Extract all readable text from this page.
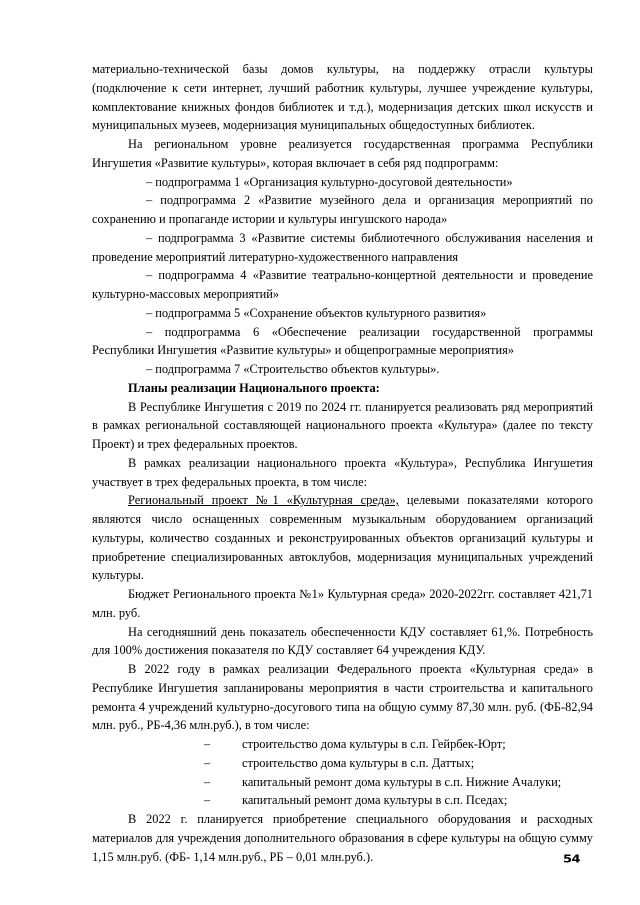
материально-технической базы домов культуры, на поддержку отрасли культуры (подключение к сети интернет, лучший работник культуры, лучшее учреждение культуры, комплектование книжных фондов библиотек и т.д.), модернизация детских школ искусств и муниципальных музеев, модернизация муниципальных общедоступных библиотек.

На региональном уровне реализуется государственная программа Республики Ингушетия «Развитие культуры», которая включает в себя ряд подпрограмм:

– подпрограмма 1 «Организация культурно-досуговой деятельности»

– подпрограмма 2 «Развитие музейного дела и организация мероприятий по сохранению и пропаганде истории и культуры ингушского народа»

– подпрограмма 3 «Развитие системы библиотечного обслуживания населения и проведение мероприятий литературно-художественного направления

– подпрограмма 4 «Развитие театрально-концертной деятельности и проведение культурно-массовых мероприятий»

– подпрограмма 5 «Сохранение объектов культурного развития»

– подпрограмма 6 «Обеспечение реализации государственной программы Республики Ингушетия «Развитие культуры» и общепрограмные мероприятия»

– подпрограмма 7 «Строительство объектов культуры».

Планы реализации Национального проекта:

В Республике Ингушетия с 2019 по 2024 гг. планируется реализовать ряд мероприятий в рамках региональной составляющей национального проекта «Культура» (далее по тексту Проект) и трех федеральных проектов.

В рамках реализации национального проекта «Культура», Республика Ингушетия участвует в трех федеральных проекта, в том числе:

Региональный проект №1 «Культурная среда», целевыми показателями которого являются число оснащенных современным музыкальным оборудованием организаций культуры, количество созданных и реконструированных объектов организаций культуры и приобретение специализированных автоклубов, модернизация муниципальных учреждений культуры.

Бюджет Регионального проекта №1» Культурная среда» 2020-2022гг. составляет 421,71 млн. руб.

На сегодняшний день показатель обеспеченности КДУ составляет 61,%. Потребность для 100% достижения показателя по КДУ составляет 64 учреждения КДУ.

В 2022 году в рамках реализации Федерального проекта «Культурная среда» в Республике Ингушетия запланированы мероприятия в части строительства и капитального ремонта 4 учреждений культурно-досугового типа на общую сумму 87,30 млн. руб. (ФБ-82,94 млн. руб., РБ-4,36 млн.руб.), в том числе:

–	строительство дома культуры в с.п. Гейрбек-Юрт;

–	строительство дома культуры в с.п. Даттых;

–	капитальный ремонт дома культуры в с.п. Нижние Ачалуки;

–	капитальный ремонт дома культуры в с.п. Пседах;

В 2022 г. планируется приобретение специального оборудования и расходных материалов для учреждения дополнительного образования в сфере культуры на общую сумму 1,15 млн.руб. (ФБ- 1,14 млн.руб., РБ – 0,01 млн.руб.).	54
